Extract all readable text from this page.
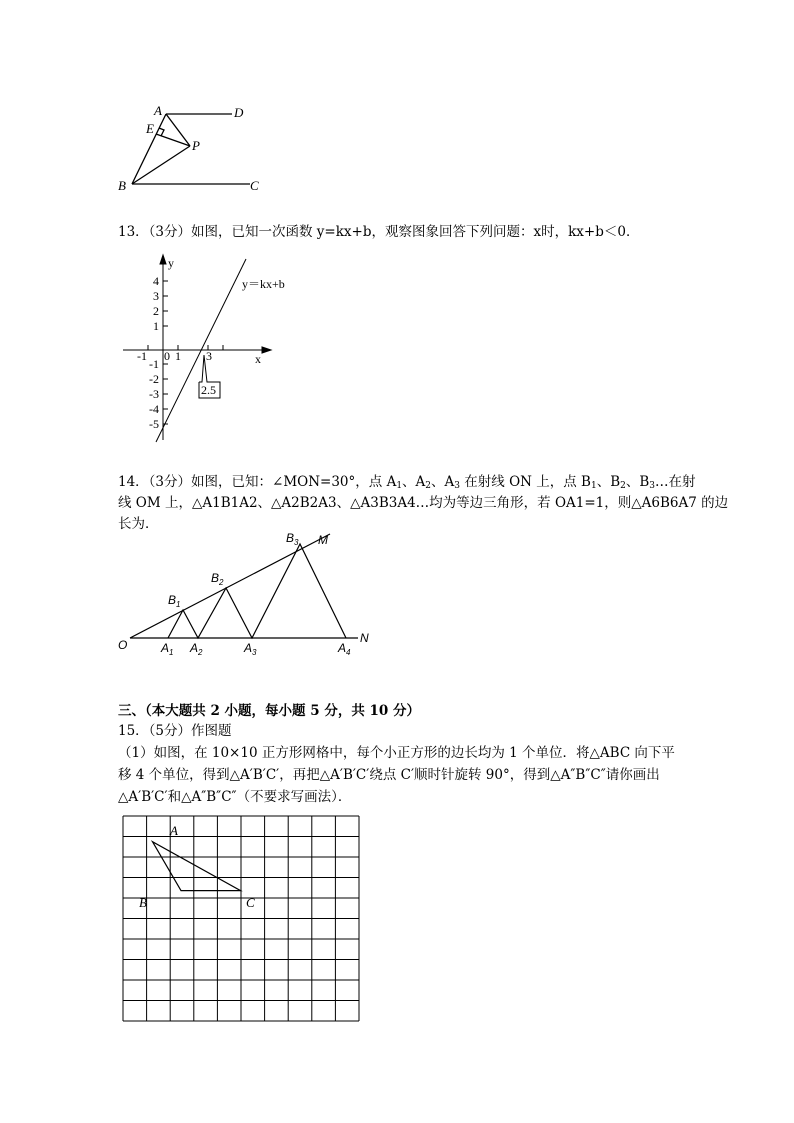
A	D
E
P
B	C
13．（3分）如图，已知一次函数 y=kx+b，观察图象回答下列问题：x时，kx+b＜0．
y
x
y＝kx+b
2.5
4
3
2
1
-1
-2
-3
-4
-5
-1 0 1 3
14．（3分）如图，已知：∠MON=30°，点 $A_1$、$A_2$、$A_3$ 在射线 ON 上，点 $B_1$、$B_2$、$B_3\dots$在射
线 OM 上，△A1B1A2、△A2B2A3、△A3B3A4…均为等边三角形，若 OA1=1，则△A6B6A7 的边
长为．
O
M
N
$B_1$
$B_2$
$B_3$
$A_1$ $A_2$	$A_3$	$A_4$
三、（本大题共 2 小题，每小题 5 分，共 10 分）
15．（5分）作图题
（1）如图，在 10×10 正方形网格中，每个小正方形的边长均为 1 个单位．将△ABC 向下平
移 4 个单位，得到△A′B′C′，再把△A′B′C′绕点 C′顺时针旋转 90°，得到△A″B″C″请你画出
△A′B′C′和△A″B″C″（不要求写画法）．
A
B	C
